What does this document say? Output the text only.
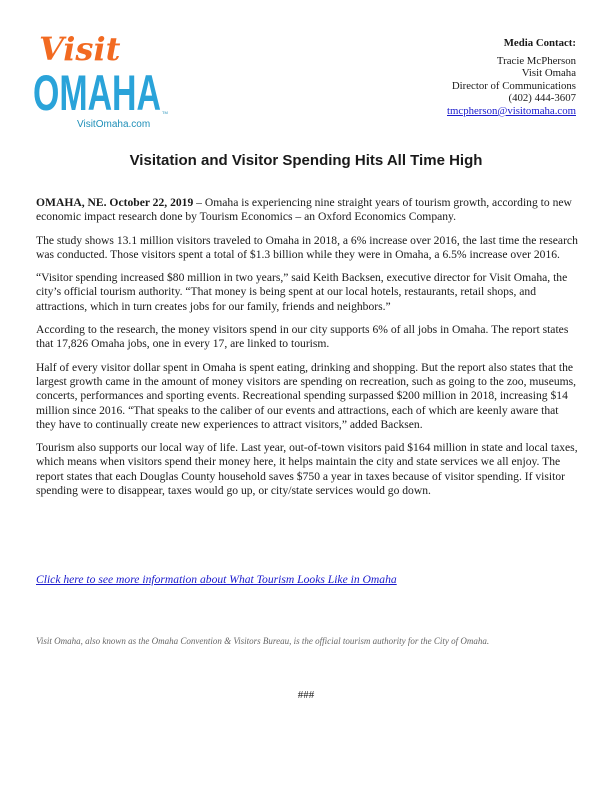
Visit
OMAHA TM
VisitOmaha.com
Media Contact:
Tracie McPherson
Visit Omaha
Director of Communications
(402) 444-3607
tmcpherson@visitomaha.com
Visitation and Visitor Spending Hits All Time High

OMAHA, NE. October 22, 2019 – Omaha is experiencing nine straight years of tourism growth, according to new economic impact research done by Tourism Economics – an Oxford Economics Company.

The study shows 13.1 million visitors traveled to Omaha in 2018, a 6% increase over 2016, the last time the research was conducted. Those visitors spent a total of $1.3 billion while they were in Omaha, a 6.5% increase over 2016.

“Visitor spending increased $80 million in two years,” said Keith Backsen, executive director for Visit Omaha, the city’s official tourism authority. “That money is being spent at our local hotels, restaurants, retail shops, and attractions, which in turn creates jobs for our family, friends and neighbors.”

According to the research, the money visitors spend in our city supports 6% of all jobs in Omaha. The report states that 17,826 Omaha jobs, one in every 17, are linked to tourism.

Half of every visitor dollar spent in Omaha is spent eating, drinking and shopping. But the report also states that the largest growth came in the amount of money visitors are spending on recreation, such as going to the zoo, museums, concerts, performances and sporting events. Recreational spending surpassed $200 million in 2018, increasing $14 million since 2016. “That speaks to the caliber of our events and attractions, each of which are keenly aware that they have to continually create new experiences to attract visitors,” added Backsen.

Tourism also supports our local way of life. Last year, out-of-town visitors paid $164 million in state and local taxes, which means when visitors spend their money here, it helps maintain the city and state services we all enjoy. The report states that each Douglas County household saves $750 a year in taxes because of visitor spending. If visitor spending were to disappear, taxes would go up, or city/state services would go down.

Click here to see more information about What Tourism Looks Like in Omaha
Visit Omaha, also known as the Omaha Convention & Visitors Bureau, is the official tourism authority for the City of Omaha.
###
